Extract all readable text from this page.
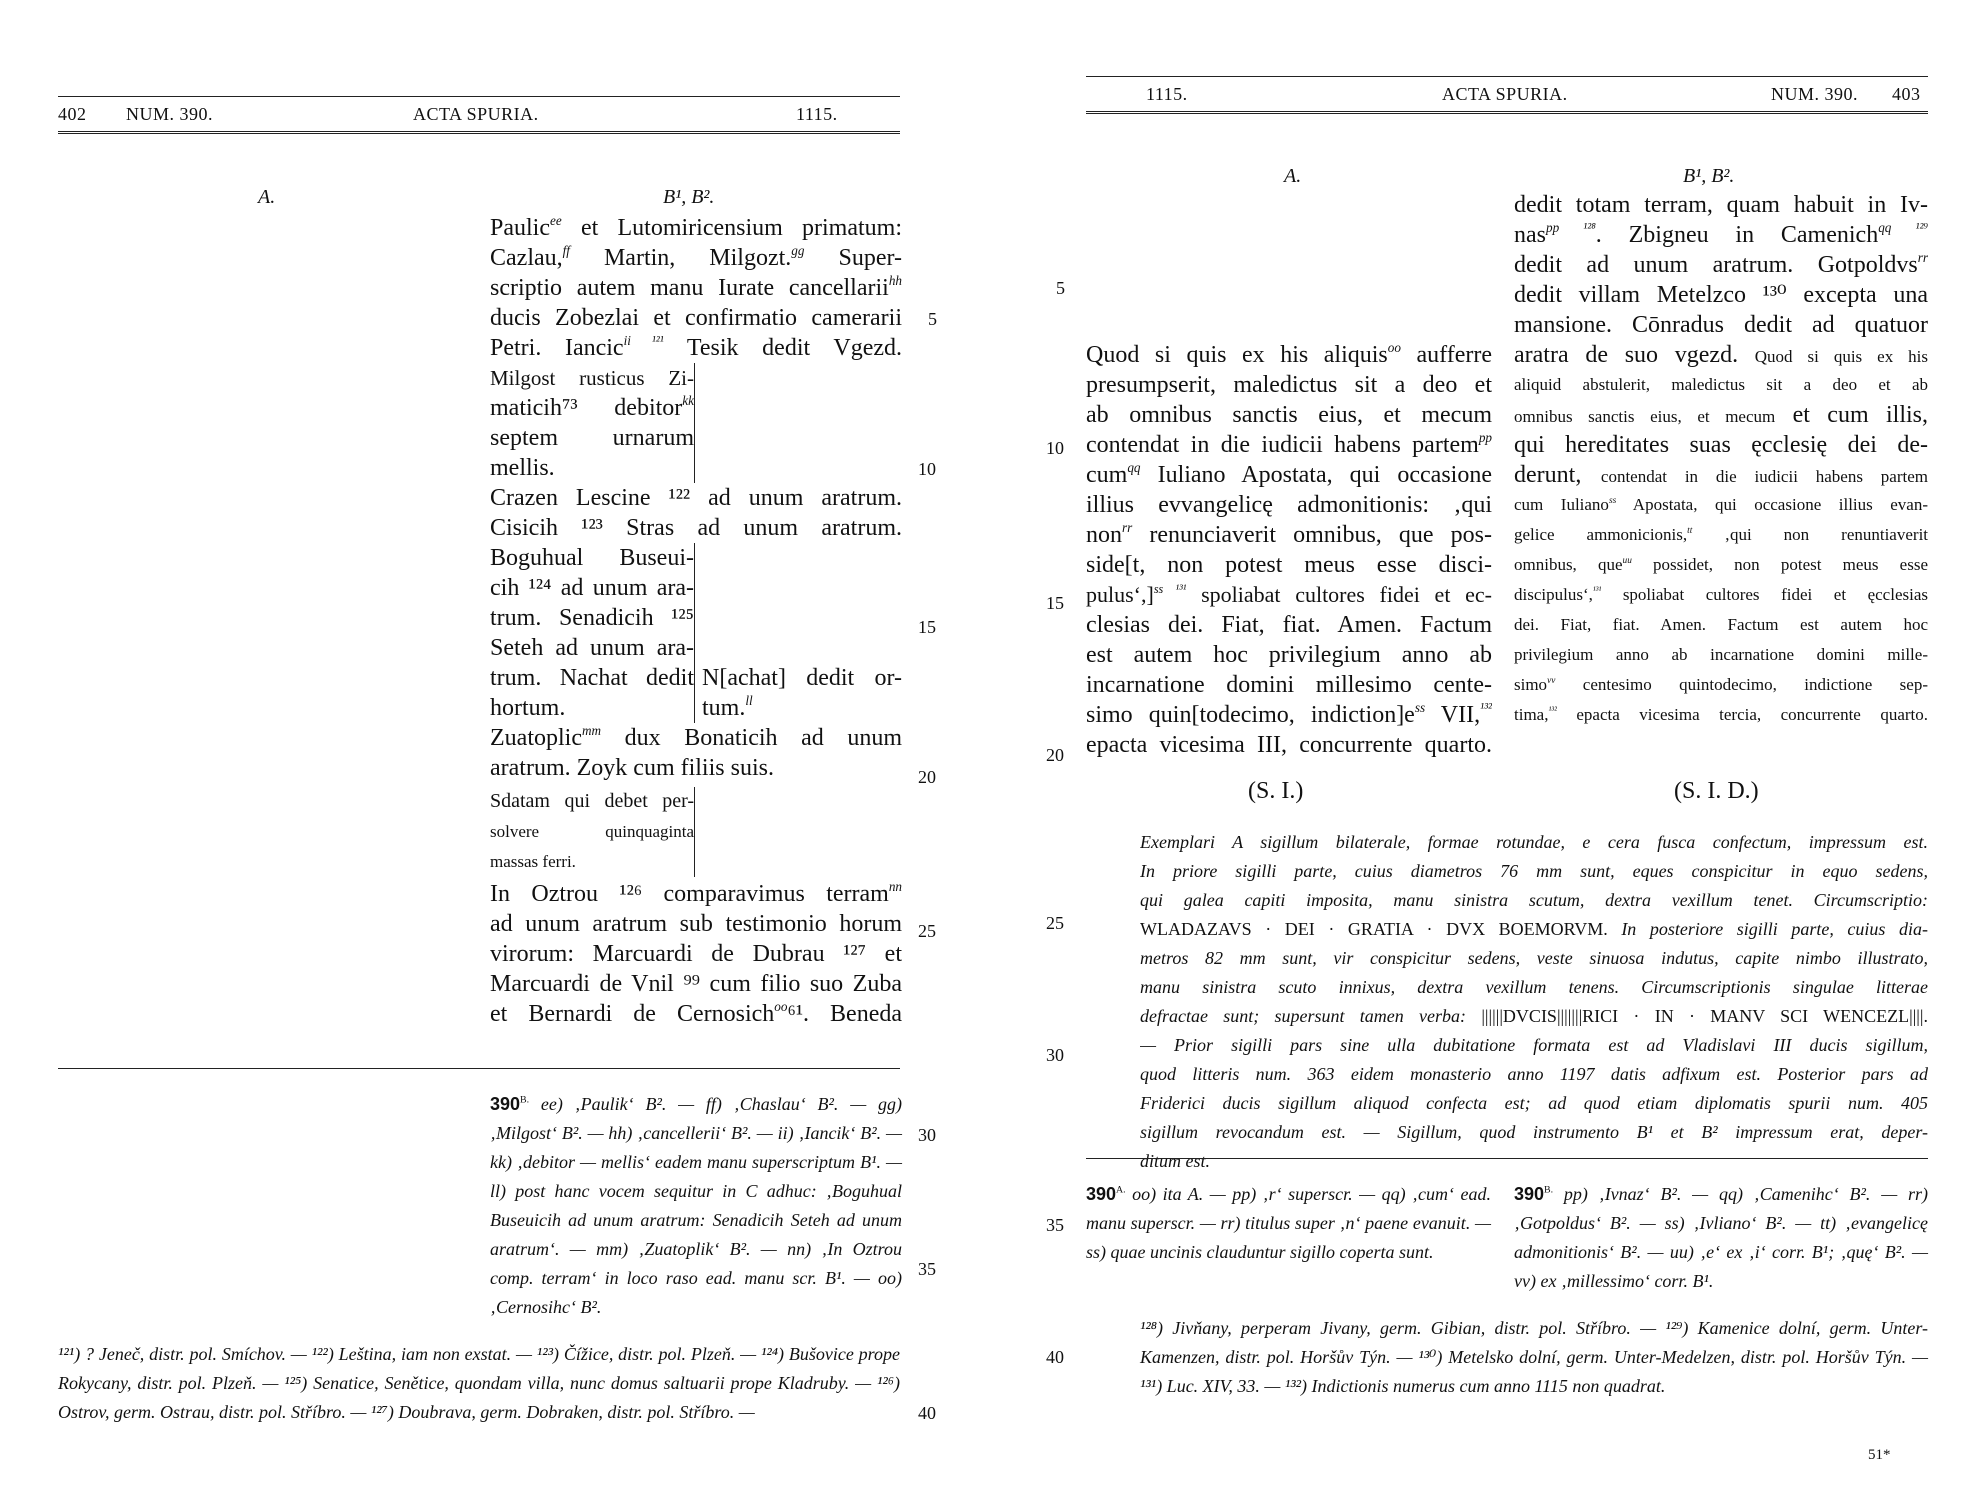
402 NUM. 390.	ACTA SPURIA.	1115.
A.	B¹, B².
Paulic$^{ee}$ et Lutomiricensium primatum:
Cazlau,$^{ff}$ Martin, Milgozt.$^{gg}$ Super-
scriptio autem manu Iurate cancellarii$^{hh}$
ducis Zobezlai et confirmatio camerarii
Petri. Iancic$^{ii ^{121}}$ Tesik dedit Vgezd.
Milgost rusticus Zi-
maticih⁷³ debitor$^{kk}$
septem urnarum
mellis.
Crazen Lescine ¹²² ad unum aratrum.
Cisicih ¹²³ Stras ad unum aratrum.
Boguhual Buseui-
cih ¹²⁴ ad unum ara-
trum. Senadicih ¹²⁵
Seteh ad unum ara-
trum. Nachat dedit
hortum.
N[achat] dedit or-
tum.$^{ll}$
Zuatoplic$^{mm}$ dux Bonaticih ad unum
aratrum. Zoyk cum filiis suis.
Sdatam qui debet per-
solvere quinquaginta
massas ferri.
In Oztrou ¹²⁶ comparavimus terram$^{nn}$
ad unum aratrum sub testimonio horum
virorum: Marcuardi de Dubrau ¹²⁷ et
Marcuardi de Vnil ⁹⁹ cum filio suo Zuba
et Bernardi de Cernosich$^{oo}$⁶¹. Beneda
5
10
15
20
25
$390^{B.}$ ee) ‚Paulik‘ B². — ff) ‚Chaslau‘ B². — gg) ‚Milgost‘ B². — hh) ‚cancellerii‘ B². — ii) ‚Iancik‘ B². — kk) ‚debitor — mellis‘ eadem manu superscriptum B¹. — ll) post hanc vocem sequitur in C adhuc: ‚Boguhual Buseuicih ad unum aratrum: Senadicih Seteh ad unum aratrum‘. — mm) ‚Zuatoplik‘ B². — nn) ‚In Oztrou comp. terram‘ in loco raso ead. manu scr. B¹. — oo) ‚Cernosihc‘ B².
30
35
¹²¹) ? Jeneč, distr. pol. Smíchov. — ¹²²) Leština, iam non exstat. — ¹²³) Čížice, distr. pol. Plzeň. — ¹²⁴) Bušovice prope Rokycany, distr. pol. Plzeň. — ¹²⁵) Senatice, Senětice, quondam villa, nunc domus saltuarii prope Kladruby. — ¹²⁶) Ostrov, germ. Ostrau, distr. pol. Stříbro. — ¹²⁷) Doubrava, germ. Dobraken, distr. pol. Stříbro. —	40
1115.	ACTA SPURIA.	NUM. 390. 403
A.	B¹, B².
5
10
15
20
25
30
35
40
Quod si quis ex his aliquis$^{oo}$ aufferre
presumpserit, maledictus sit a deo et
ab omnibus sanctis eius, et mecum
contendat in die iudicii habens partem$^{pp}$
cum$^{qq}$ Iuliano Apostata, qui occasione
illius evvangelicę admonitionis: ‚qui
non$^{rr}$ renunciaverit omnibus, que pos-
side[t, non potest meus esse disci-
pulus‘,]$^{ss ^{131}}$ spoliabat cultores fidei et ec-
clesias dei. Fiat, fiat. Amen. Factum
est autem hoc privilegium anno ab
incarnatione domini millesimo cente-
simo quin[todecimo, $indiction]e^{ss}$ VII,$^{^{132}}$
epacta vicesima III, concurrente quarto.
dedit totam terram, quam habuit in Iv-
nas$^{pp ^{128}}$. Zbigneu in Camenich$^{qq ^{129}}$
dedit ad unum aratrum. Gotpoldvs$^{rr}$
dedit villam Metelzco ¹³⁰ excepta una
mansione. Cōnradus dedit ad quatuor
aratra de suo vgezd. Quod si quis ex his
aliquid abstulerit, maledictus sit a deo et ab
omnibus sanctis eius, et mecum et cum illis,
qui hereditates suas ęcclesię dei de-
derunt, contendat in die iudicii habens partem
cum Iuliano$^{ss}$ Apostata, qui occasione illius evan-
gelice ammonicionis,$^{tt}$ ‚qui non renuntiaverit
omnibus, que$^{uu}$ possidet, non potest meus esse
discipulus‘,$^{^{131}}$ spoliabat cultores fidei et ęcclesias
dei. Fiat, fiat. Amen. Factum est autem hoc
privilegium anno ab incarnatione domini mille-
simo$^{vv}$ centesimo quintodecimo, indictione sep-
tima,$^{^{132}}$ epacta vicesima tercia, concurrente quarto.
(S. I.)	(S. I. D.)
Exemplari A sigillum bilaterale, formae rotundae, e cera fusca confectum, impressum est.
In priore sigilli parte, cuius diametros 76 mm sunt, eques conspicitur in equo sedens,
qui galea capiti imposita, manu sinistra scutum, dextra vexillum tenet. Circumscriptio:
WLADAZAVS · DEI · GRATIA · DVX BOEMORVM. In posteriore sigilli parte, cuius dia-
metros 82 mm sunt, vir conspicitur sedens, veste sinuosa indutus, capite nimbo illustrato,
manu sinistra scuto innixus, dextra vexillum tenens. Circumscriptionis singulae litterae
defractae sunt; supersunt tamen verba: ||||||DVCIS|||||||RICI · IN · MANV SCI WENCEZL||||.
— Prior sigilli pars sine ulla dubitatione formata est ad Vladislavi III ducis sigillum,
quod litteris num. 363 eidem monasterio anno 1197 datis adfixum est. Posterior pars ad
Friderici ducis sigillum aliquod confecta est; ad quod etiam diplomatis spurii num. 405
sigillum revocandum est. — Sigillum, quod instrumento B¹ et B² impressum erat, deper-
ditum est.
$390^{A.}$ oo) ita A. — pp) ‚r‘ superscr. — qq) ‚cum‘ ead. manu superscr. — rr) titulus super ‚n‘ paene evanuit. — ss) quae uncinis clauduntur sigillo coperta sunt.
$390^{B.}$ pp) ‚Ivnaz‘ B². — qq) ‚Camenihc‘ B². — rr) ‚Gotpoldus‘ B². — ss) ‚Ivliano‘ B². — tt) ‚evangelicę admonitionis‘ B². — uu) ‚e‘ ex ‚i‘ corr. B¹; ‚quę‘ B². — vv) ex ‚millessimo‘ corr. B¹.
¹²⁸) Jivňany, perperam Jivany, germ. Gibian, distr. pol. Stříbro. — ¹²⁹) Kamenice dolní, germ. Unter-Kamenzen, distr. pol. Horšův Týn. — ¹³⁰) Metelsko dolní, germ. Unter-Medelzen, distr. pol. Horšův Týn. — ¹³¹) Luc. XIV, 33. — ¹³²) Indictionis numerus cum anno 1115 non quadrat.
51*
